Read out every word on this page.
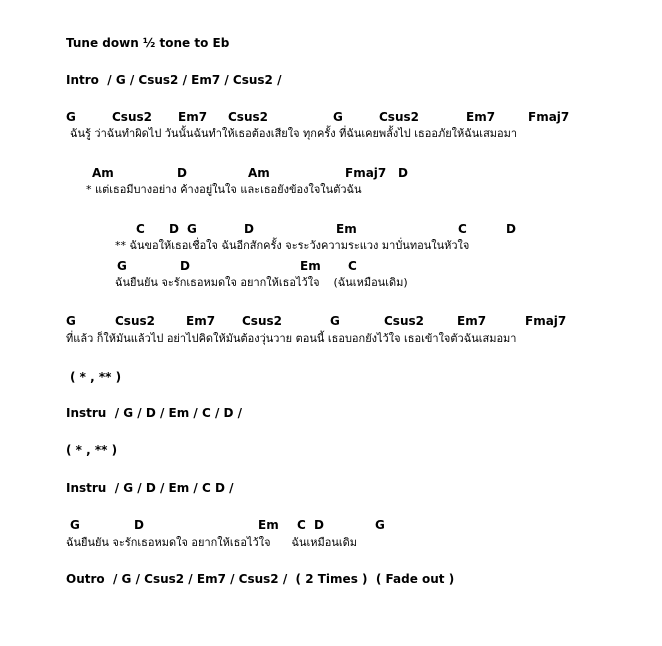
Tune down ½ tone to Eb
Intro  / G / Csus2 / Em7 / Csus2 /
G	Csus2 Em7 Csus2	G	Csus2	Em7	Fmaj7
ฉันรู้ ว่าฉันทำผิดไป วันนั้นฉันทำให้เธอต้องเสียใจ ทุกครั้ง ที่ฉันเคยพลั้งไป เธออภัยให้ฉันเสมอมา
Am	D	Am	Fmaj7 D
* แต่เธอมีบางอย่าง ค้างอยู่ในใจ และเธอยังข้องใจในตัวฉัน
C D G	D	Em	C	D
** ฉันขอให้เธอเชื่อใจ ฉันอีกสักครั้ง จะระวังความระแวง มาบั่นทอนในหัวใจ
G	D	Em C
ฉันยืนยัน จะรักเธอหมดใจ อยากให้เธอไว้ใจ    (ฉันเหมือนเดิม)
G	Csus2	Em7 Csus2	G	Csus2	Em7	Fmaj7
ที่แล้ว ก็ให้มันแล้วไป อย่าไปคิดให้มันต้องวุ่นวาย ตอนนี้ เธอบอกยังไว้ใจ เธอเข้าใจตัวฉันเสมอมา
( * , ** )
Instru  / G / D / Em / C / D /
( * , ** )
Instru  / G / D / Em / C D /
G	D	Em C D	G
ฉันยืนยัน จะรักเธอหมดใจ อยากให้เธอไว้ใจ      ฉันเหมือนเดิม
Outro  / G / Csus2 / Em7 / Csus2 /  ( 2 Times )  ( Fade out )
